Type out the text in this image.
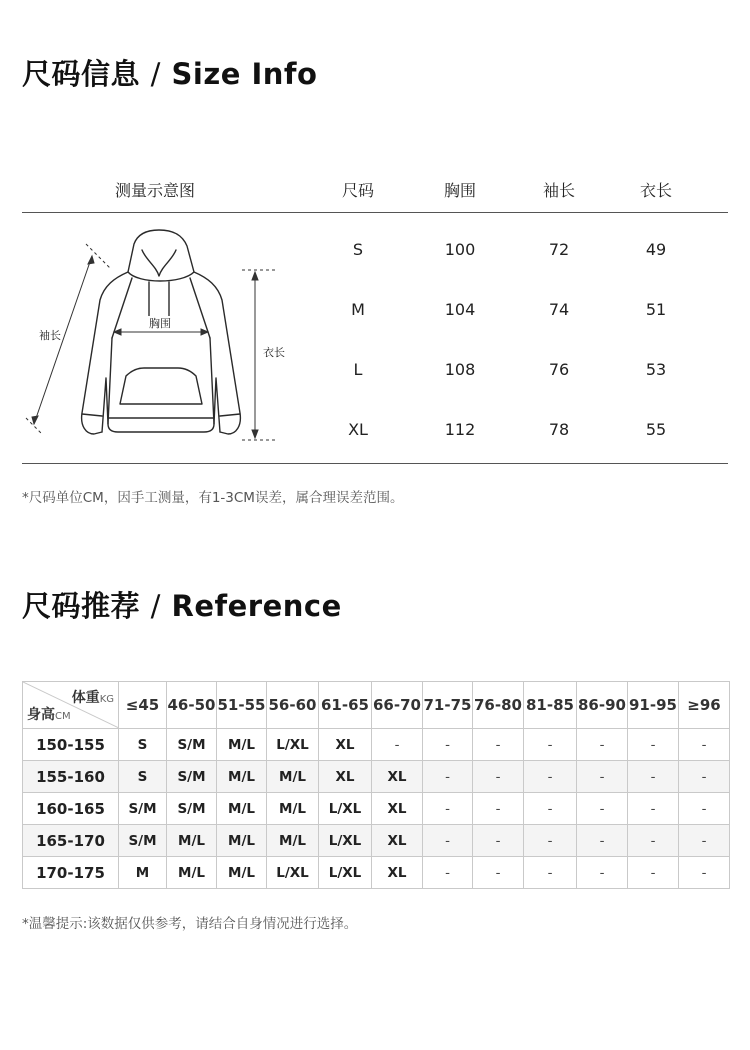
尺码信息 / Size Info
测量示意图	尺码	胸围	袖长	衣长
胸围
袖长
衣长
S	100	72	49
M	104	74	51
L	108	76	53
XL	112	78	55
*尺码单位CM，因手工测量，有1-3CM误差，属合理误差范围。
尺码推荐 / Reference
体重KG
身高CM	≤45	46-50	51-55	56-60	61-65	66-70	71-75	76-80	81-85	86-90	91-95	≥96
150-155	S	S/M	M/L	L/XL	XL	-	-	-	-	-	-	-
155-160	S	S/M	M/L	M/L	XL	XL	-	-	-	-	-	-
160-165	S/M	S/M	M/L	M/L	L/XL	XL	-	-	-	-	-	-
165-170	S/M	M/L	M/L	M/L	L/XL	XL	-	-	-	-	-	-
170-175	M	M/L	M/L	L/XL	L/XL	XL	-	-	-	-	-	-
*温馨提示:该数据仅供参考，请结合自身情况进行选择。
